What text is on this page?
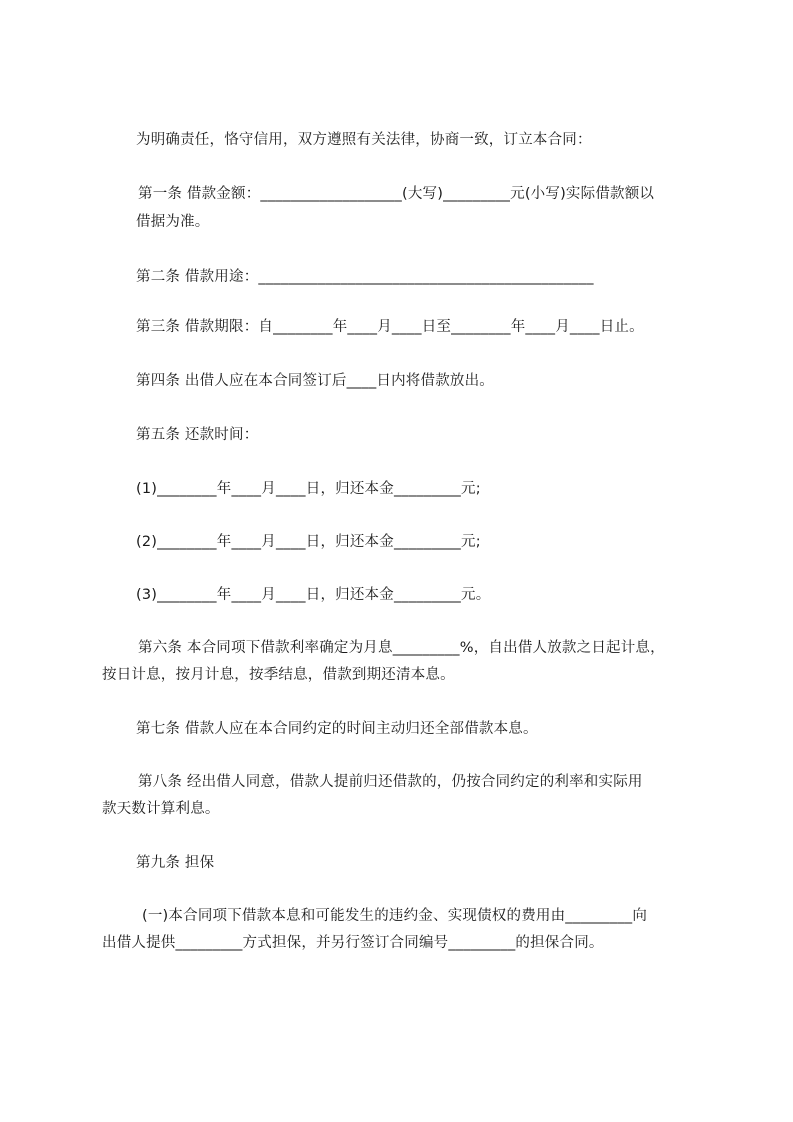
为明确责任，恪守信用，双方遵照有关法律，协商一致，订立本合同：
第一条 借款金额：___________________(大写)_________元(小写)实际借款额以
借据为准。
第二条 借款用途：_____________________________________________
第三条 借款期限：自________年____月____日至________年____月____日止。
第四条 出借人应在本合同签订后____日内将借款放出。
第五条 还款时间：
(1)________年____月____日，归还本金_________元;
(2)________年____月____日，归还本金_________元;
(3)________年____月____日，归还本金_________元。
第六条 本合同项下借款利率确定为月息_________%，自出借人放款之日起计息，
按日计息，按月计息，按季结息，借款到期还清本息。
第七条 借款人应在本合同约定的时间主动归还全部借款本息。
第八条 经出借人同意，借款人提前归还借款的，仍按合同约定的利率和实际用
款天数计算利息。
第九条 担保
(一)本合同项下借款本息和可能发生的违约金、实现债权的费用由_________向
出借人提供_________方式担保，并另行签订合同编号_________的担保合同。
